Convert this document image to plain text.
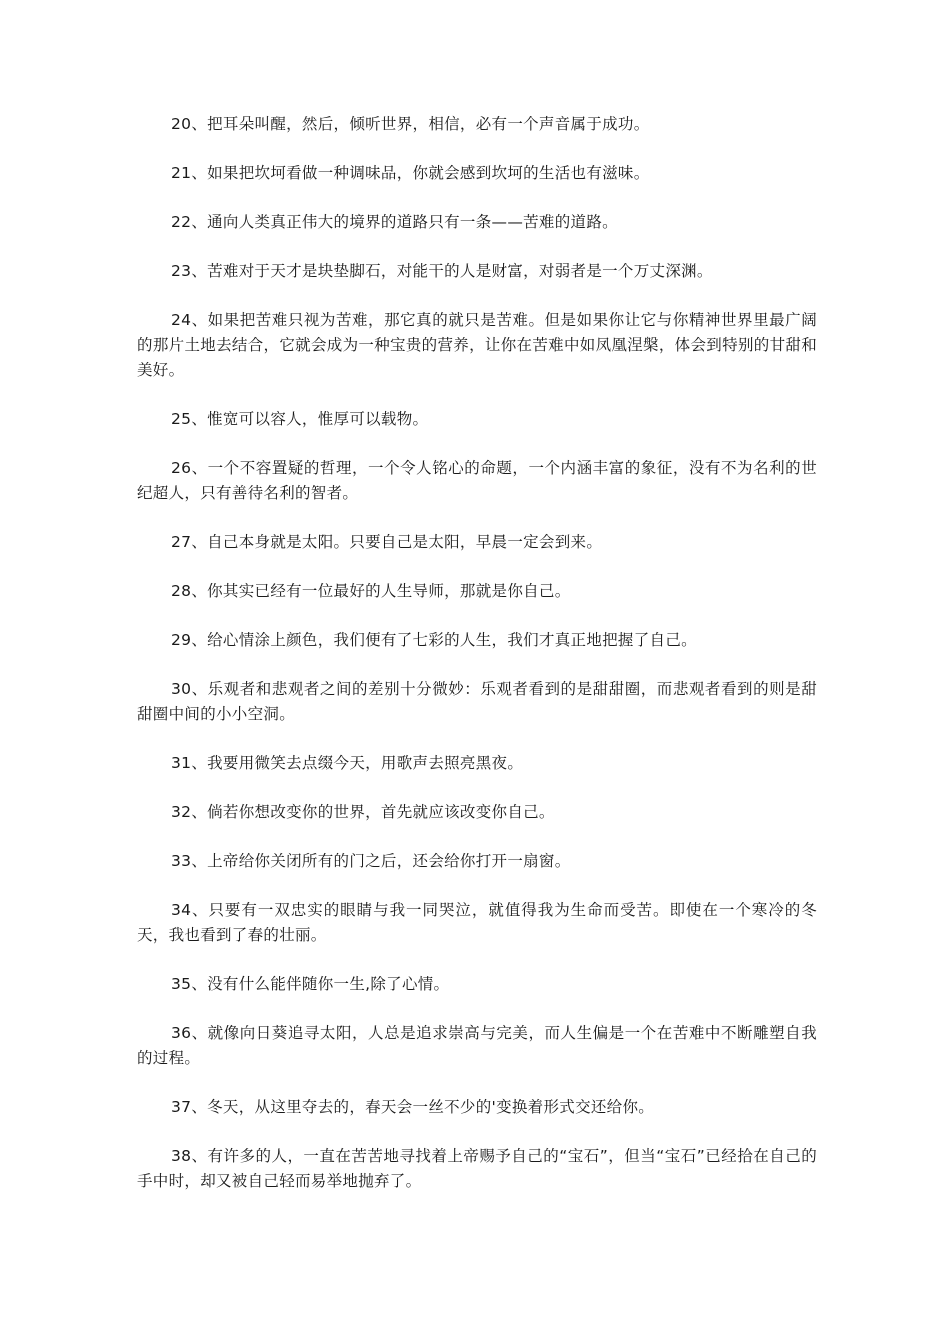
20、把耳朵叫醒，然后，倾听世界，相信，必有一个声音属于成功。

21、如果把坎坷看做一种调味品，你就会感到坎坷的生活也有滋味。

22、通向人类真正伟大的境界的道路只有一条——苦难的道路。

23、苦难对于天才是块垫脚石，对能干的人是财富，对弱者是一个万丈深渊。

24、如果把苦难只视为苦难，那它真的就只是苦难。但是如果你让它与你精神世界里最广阔的那片土地去结合，它就会成为一种宝贵的营养，让你在苦难中如凤凰涅槃，体会到特别的甘甜和美好。

25、惟宽可以容人，惟厚可以载物。

26、一个不容置疑的哲理，一个令人铭心的命题，一个内涵丰富的象征，没有不为名利的世纪超人，只有善待名利的智者。

27、自己本身就是太阳。只要自己是太阳，早晨一定会到来。

28、你其实已经有一位最好的人生导师，那就是你自己。

29、给心情涂上颜色，我们便有了七彩的人生，我们才真正地把握了自己。

30、乐观者和悲观者之间的差别十分微妙：乐观者看到的是甜甜圈，而悲观者看到的则是甜甜圈中间的小小空洞。

31、我要用微笑去点缀今天，用歌声去照亮黑夜。

32、倘若你想改变你的世界，首先就应该改变你自己。

33、上帝给你关闭所有的门之后，还会给你打开一扇窗。

34、只要有一双忠实的眼睛与我一同哭泣，就值得我为生命而受苦。即使在一个寒冷的冬天，我也看到了春的壮丽。

35、没有什么能伴随你一生,除了心情。

36、就像向日葵追寻太阳，人总是追求崇高与完美，而人生偏是一个在苦难中不断雕塑自我的过程。

37、冬天，从这里夺去的，春天会一丝不少的'变换着形式交还给你。

38、有许多的人，一直在苦苦地寻找着上帝赐予自己的“宝石”，但当“宝石”已经拾在自己的手中时，却又被自己轻而易举地抛弃了。
